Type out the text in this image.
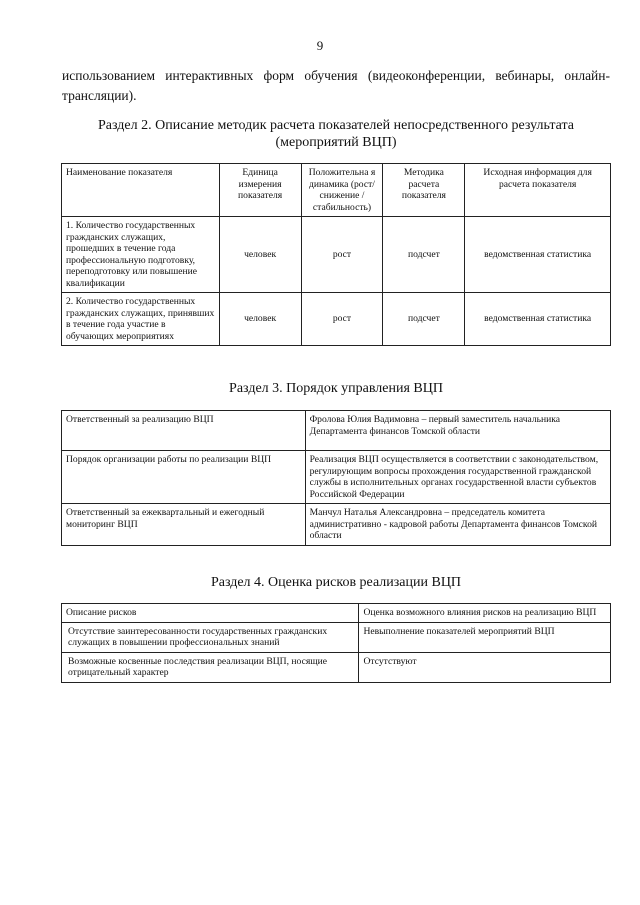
9
использованием интерактивных форм обучения (видеоконференции, вебинары, онлайн-трансляции).
Раздел 2. Описание методик расчета показателей непосредственного результата
(мероприятий ВЦП)
Наименование показателя	Единица измерения показателя	Положительна я динамика (рост/снижение /стабильность)	Методика расчета показателя	Исходная информация для расчета показателя
1. Количество государственных гражданских служащих, прошедших в течение года профессиональную подготовку, переподготовку или повышение квалификации	человек	рост	подсчет	ведомственная статистика
2. Количество государственных гражданских служащих, принявших в течение года участие в обучающих мероприятиях	человек	рост	подсчет	ведомственная статистика
Раздел 3. Порядок управления ВЦП
Ответственный за реализацию ВЦП	Фролова Юлия Вадимовна – первый заместитель начальника Департамента финансов Томской области
Порядок организации работы по реализации ВЦП	Реализация ВЦП осуществляется в соответствии с законодательством, регулирующим вопросы прохождения государственной гражданской службы в исполнительных органах государственной власти субъектов Российской Федерации
Ответственный за ежеквартальный и ежегодный мониторинг ВЦП	Манчул Наталья Александровна – председатель комитета административно - кадровой работы Департамента финансов Томской области
Раздел 4. Оценка рисков реализации ВЦП
Описание рисков	Оценка возможного влияния рисков на реализацию ВЦП
Отсутствие заинтересованности государственных гражданских служащих в повышении профессиональных знаний	Невыполнение показателей мероприятий ВЦП
Возможные косвенные последствия реализации ВЦП, носящие отрицательный характер	Отсутствуют
